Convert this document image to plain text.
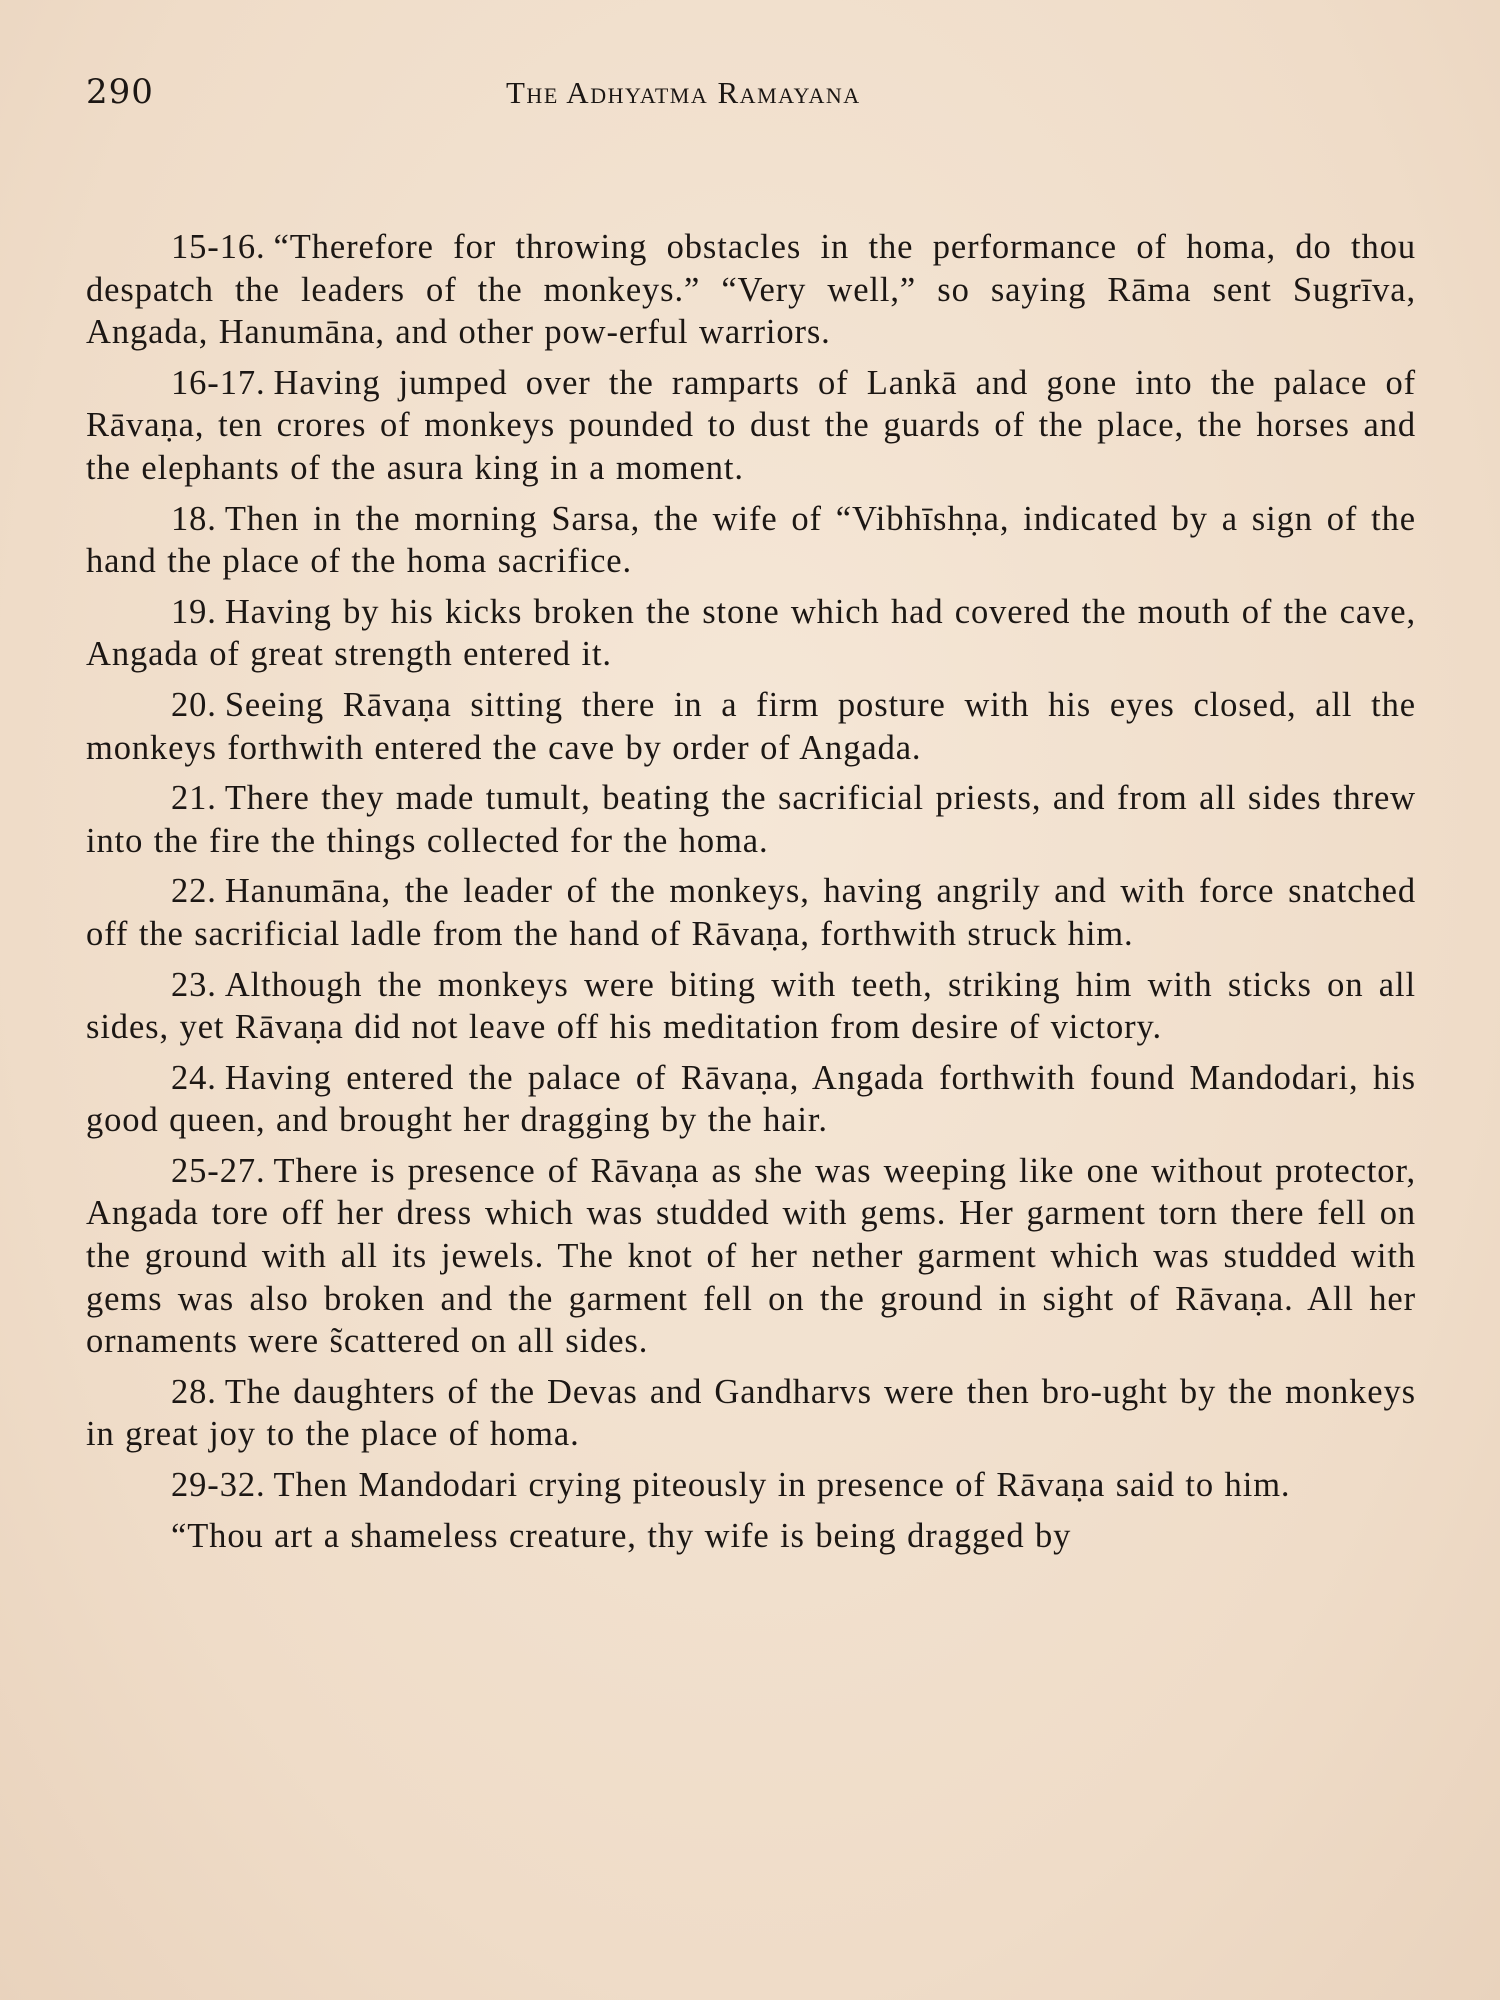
290	The Adhyatma Ramayana

15-16. “Therefore for throwing obstacles in the performance of homa, do thou despatch the leaders of the monkeys.” “Very well,” so saying Rāma sent Sugrīva, Angada, Hanumāna, and other pow-erful warriors.

16-17. Having jumped over the ramparts of Lankā and gone into the palace of Rāvaṇa, ten crores of monkeys pounded to dust the guards of the place, the horses and the elephants of the asura king in a moment.

18. Then in the morning Sarsa, the wife of “Vibhīshṇa, indicated by a sign of the hand the place of the homa sacrifice.

19. Having by his kicks broken the stone which had covered the mouth of the cave, Angada of great strength entered it.

20. Seeing Rāvaṇa sitting there in a firm posture with his eyes closed, all the monkeys forthwith entered the cave by order of Angada.

21. There they made tumult, beating the sacrificial priests, and from all sides threw into the fire the things collected for the homa.

22. Hanumāna, the leader of the monkeys, having angrily and with force snatched off the sacrificial ladle from the hand of Rāvaṇa, forthwith struck him.

23. Although the monkeys were biting with teeth, striking him with sticks on all sides, yet Rāvaṇa did not leave off his meditation from desire of victory.

24. Having entered the palace of Rāvaṇa, Angada forthwith found Mandodari, his good queen, and brought her dragging by the hair.

25-27. There is presence of Rāvaṇa as she was weeping like one without protector, Angada tore off her dress which was studded with gems. Her garment torn there fell on the ground with all its jewels. The knot of her nether garment which was studded with gems was also broken and the garment fell on the ground in sight of Rāvaṇa. All her ornaments were s̃cattered on all sides.

28. The daughters of the Devas and Gandharvs were then bro-ught by the monkeys in great joy to the place of homa.

29-32. Then Mandodari crying piteously in presence of Rāvaṇa said to him.

“Thou art a shameless creature, thy wife is being dragged by
